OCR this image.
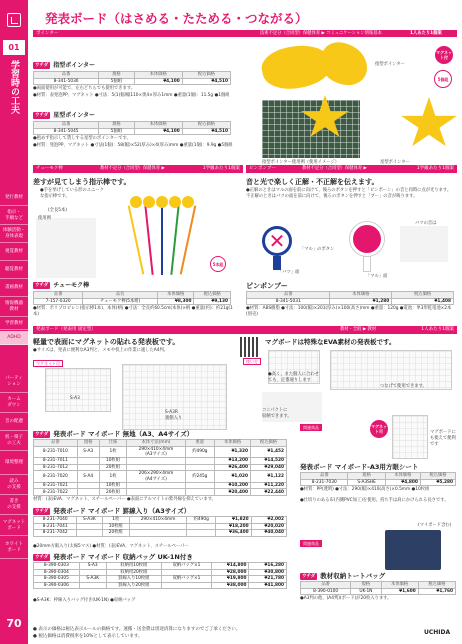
01
学習時の工夫
発行教材
指示・
手順など
体験活動・
身体表現
視覚教材
聴覚教材
書画教材
情報機器
教材
学習教材
ADHD
パーティ
ション
カーム
ダウン
音の配慮
机・椅子
の工夫
環境整理
読み
の支援
書き
の支援
マグネット
ボード
ホワイト
ボード
70
発表ボード（はさめる・たためる・つながる）
ポインター	技術不足分（合同型）保健体育 ▶ コミュニケーション情報基本	1人あたり1個案
ウチダ 指型ポインター
品番	規格	本体価格	税込価格
8-341-5030	5個組	¥4,100	¥4,510
●両面使用が可能で、左右どちらでも使用できます。
●材質：表発泡PP、マグネット ●寸法：5(1)個/幅110×奥4×厚み1mm ●重量(1個)：11.5g ●1個組
ウチダ 星型ポインター
品番	規格	本体価格	税込価格
8-341-5045	5個組	¥4,100	¥4,510
●抱めず指示して貸しする星型のポインターです。
●材質：発泡PP、マグネット ●寸法(1個)：58(幅)×52(厚み)×4(厚み)mm ●重量(1個)：9.9g ●5個組
指型ポインター
マグネット付
5個組
指型ポインター使用例（使用イメージ）	星型ポインター
チューモク棒	1学級あたり1個案
教材不足分（合同型）保健体育 ▶
差すが見てしまう指示棒です。
●手を挙げしている形のユニークな指示棒です。
(全長5本)
使用例
5本組
ウチダ チューモク棒
品番	品名	本体価格	税込価格
7-157-0320	チューモク棒(5本組)	¥8,300	¥9,130
●材質：ポリプロピレン(指示棒1本)、本体(柄) ●寸法：全長約60.5cm(本体)×柄 ●重量(約)：約21g(1本)
ピンポンブー	1学級あたり1個案
教材不足分（合同型）保健体育 ▶
音と光で楽しく正解・不正解を伝えます。
●正解のときはマルの面を前に向けて、後ろのボタンを押すと「ピンポーン」の音と同時に点が光ります。不正解のときはバツの面を前に向けて、後ろのボタンを押すと「ブー」の音が鳴ります。
✕	「マル」のボタン
「バツ」面
「マル」面
バツの音は
ピンポンブー
品番	本体価格	税込価格
8-341-5031	¥1,280	¥1,408
●材質：ABS樹脂 ●寸法：100(幅)×201(厚み)×100(高さ)mm ●重量：120g ●電池：単3形乾電池×2本(別売)
発表ボード（発表用 固定型）	1人あたり1個案
教材・全般 ▶ 教材
軽量で表面にマグネットの貼れる発表板です。
●サイズは、発表に便利なA3判と、メモや机上の作業に適したA4判。
マグネット可
S-A3
S-A3R
裏側入り
使い方
マグボードは特殊なEVA素材の発表板です。
●高く、また個人に合わせても、定番通りします
つなげて使用できます。
コンパクトに
収納できます。
ウチダ 発表ボード マイボード 無地（A3、A4サイズ）
品番	規格	仕様	本体寸法(mm)	重量	本体価格	税込価格
8-231-7010	S-A3	1枚	290×410×4mm
(A3サイズ)	約490g	¥1,320	¥1,452
8-231-7011		10枚組			¥13,200	¥14,520
8-231-7012		20枚組			¥26,400	¥29,040
8-231-7020	S-A4	1枚	206×290×4mm
(A4サイズ)	約245g	¥1,020	¥1,122
8-231-7021		10枚組			¥10,200	¥11,220
8-231-7022		20枚組			¥20,400	¥22,440
材質：(表)EVA、マグネット、スチールペーパー ●表面にアルマイトの紫外線を抑えています。
ウチダ 発表ボード マイボード 罫線入り（A3サイズ）
8-231-7040	S-A3K	1枚	290×410×4mm	約490g	¥1,820	¥2,002
8-231-7041		10枚組			¥18,200	¥20,020
8-231-7042		20枚組			¥36,400	¥40,040
●20mm方眼入り(太線5マス) ●材質：(表)EVA、マグネット、スチールペーパー
ウチダ 発表ボード マイボード 収納バッグ UK-1N付き
8-390-0303	S-A3	収納用10枚組	収納バッグ×1	¥14,800	¥16,280
8-390-0304		収納用20枚組		¥28,000	¥30,800
8-390-0305	S-A3K	罫線入り10枚組	収納バッグ×1	¥19,800	¥21,780
8-390-0306		罫線入り20枚組		¥38,000	¥41,800
●S-A3K：枠線入りバッグ付き(UK-1N) ●収納バッグ
マグネット可	マグボードにも使えて便利です
関連商品
発表ボード マイボード-A3用方眼シート
品番	規格	本体価格	税込価格
8-231-7030	S-A3SHE	¥4,800	¥5,280
●材質：PP(透明) ●寸法：290(幅)×410(高さ)×0.5mm ●10枚組
●仕切りのある布(内側PVC加工)を使用。持ち手は肩にかけられる長さです。
関連商品
(マイボード含む)
ウチダ 教材収納トートバッグ
品番	規格	本体価格	税込価格
8-390-0100	UK-1N	¥1,600	¥1,760
●A3判の他、(A4判)(ボード)が20枚入ります。
● 表示の価格は税込表示ルールの価格です。運搬・送金費は別途清算になりますのでご了承ください。
● 税込価格は消費税率を10%として表示しています。
UCHIDA
